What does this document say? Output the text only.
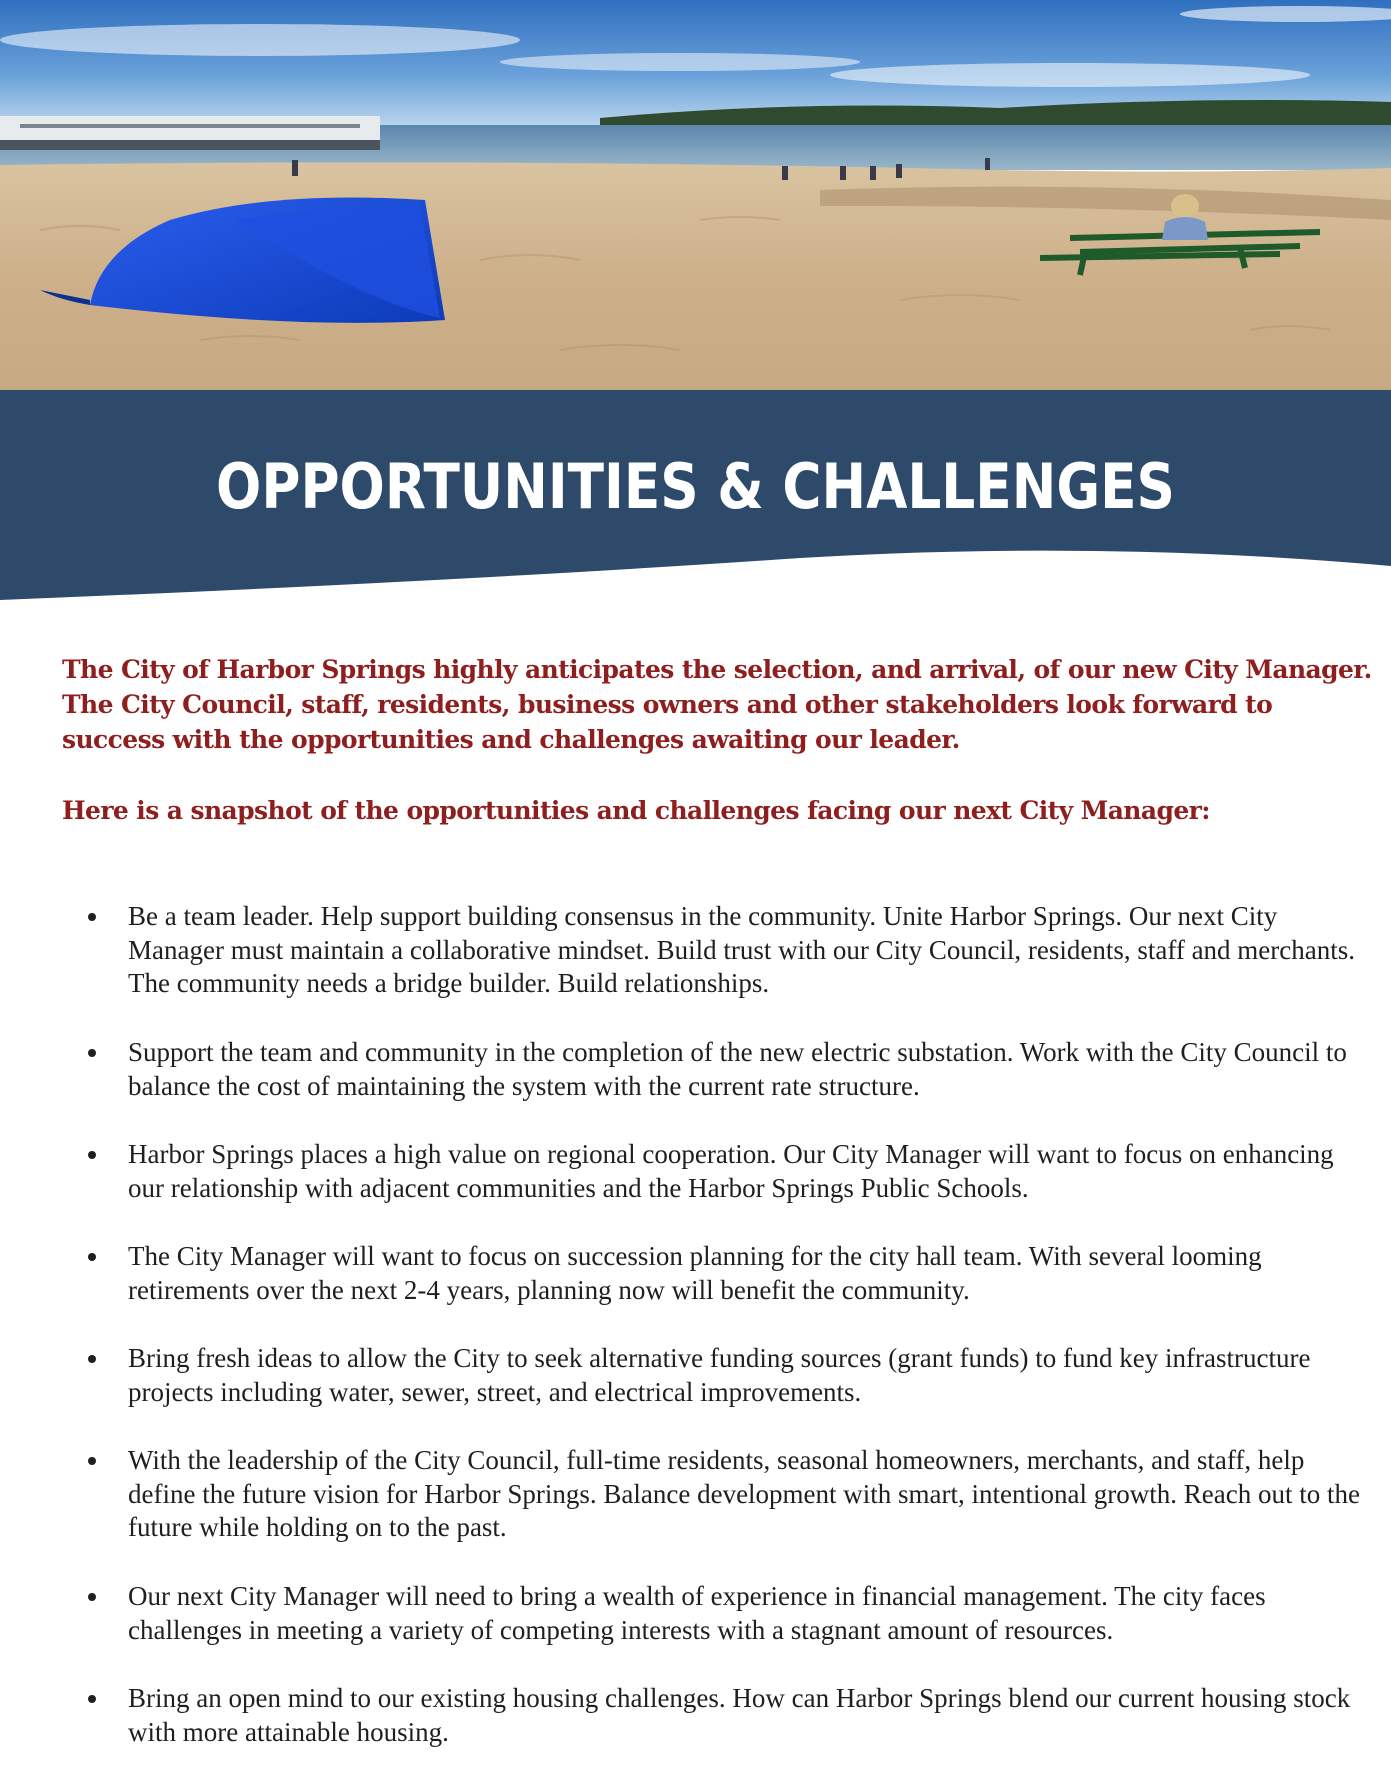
OPPORTUNITIES & CHALLENGES
The City of Harbor Springs highly anticipates the selection, and arrival, of our new City Manager. The City Council, staff, residents, business owners and other stakeholders look forward to success with the opportunities and challenges awaiting our leader.
Here is a snapshot of the opportunities and challenges facing our next City Manager:
Be a team leader. Help support building consensus in the community. Unite Harbor Springs. Our next City Manager must maintain a collaborative mindset. Build trust with our City Council, residents, staff and merchants. The community needs a bridge builder. Build relationships.
Support the team and community in the completion of the new electric substation. Work with the City Council to balance the cost of maintaining the system with the current rate structure.
Harbor Springs places a high value on regional cooperation. Our City Manager will want to focus on enhancing our relationship with adjacent communities and the Harbor Springs Public Schools.
The City Manager will want to focus on succession planning for the city hall team. With several looming retirements over the next 2-4 years, planning now will benefit the community.
Bring fresh ideas to allow the City to seek alternative funding sources (grant funds) to fund key infrastructure projects including water, sewer, street, and electrical improvements.
With the leadership of the City Council, full-time residents, seasonal homeowners, merchants, and staff, help define the future vision for Harbor Springs. Balance development with smart, intentional growth. Reach out to the future while holding on to the past.
Our next City Manager will need to bring a wealth of experience in financial management. The city faces challenges in meeting a variety of competing interests with a stagnant amount of resources.
Bring an open mind to our existing housing challenges. How can Harbor Springs blend our current housing stock with more attainable housing.
